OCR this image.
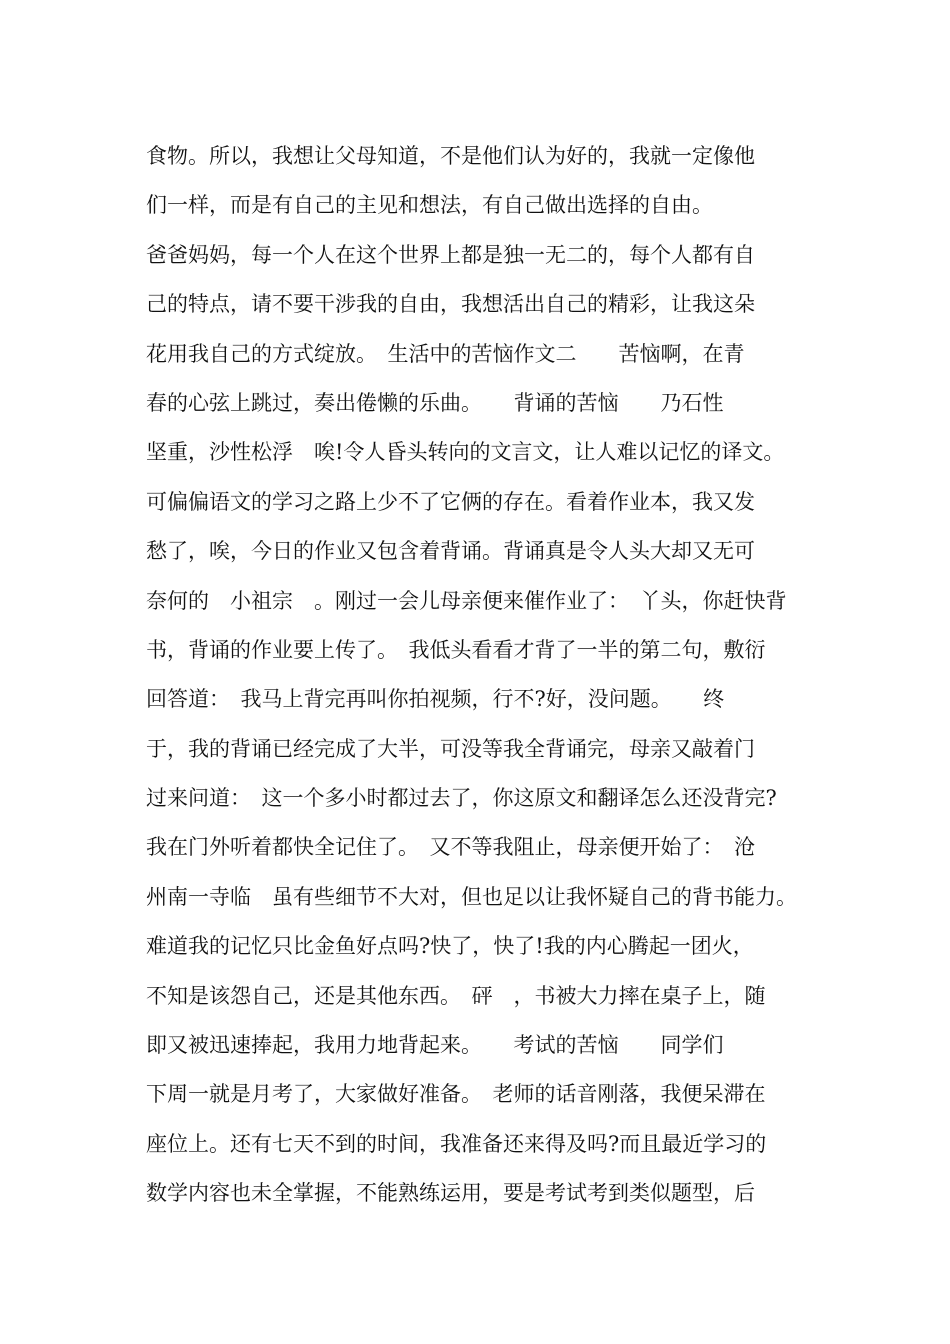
食物。所以，我想让父母知道，不是他们认为好的，我就一定像他
们一样，而是有自己的主见和想法，有自己做出选择的自由。
爸爸妈妈，每一个人在这个世界上都是独一无二的，每个人都有自
己的特点，请不要干涉我的自由，我想活出自己的精彩，让我这朵
花用我自己的方式绽放。　生活中的苦恼作文二　　苦恼啊，在青
春的心弦上跳过，奏出倦懒的乐曲。　　背诵的苦恼　　乃石性
坚重，沙性松浮　唉!令人昏头转向的文言文，让人难以记忆的译文。
可偏偏语文的学习之路上少不了它俩的存在。看着作业本，我又发
愁了，唉，今日的作业又包含着背诵。背诵真是令人头大却又无可
奈何的　小祖宗　。刚过一会儿母亲便来催作业了：　丫头，你赶快背
书，背诵的作业要上传了。　我低头看看才背了一半的第二句，敷衍
回答道：　我马上背完再叫你拍视频，行不?好，没问题。　　终
于，我的背诵已经完成了大半，可没等我全背诵完，母亲又敲着门
过来问道：　这一个多小时都过去了，你这原文和翻译怎么还没背完?
我在门外听着都快全记住了。　又不等我阻止，母亲便开始了：　沧
州南一寺临　虽有些细节不大对，但也足以让我怀疑自己的背书能力。
难道我的记忆只比金鱼好点吗?快了，快了!我的内心腾起一团火，
不知是该怨自己，还是其他东西。　砰　，书被大力摔在桌子上，随
即又被迅速捧起，我用力地背起来。　　考试的苦恼　　同学们
下周一就是月考了，大家做好准备。　老师的话音刚落，我便呆滞在
座位上。还有七天不到的时间，我准备还来得及吗?而且最近学习的
数学内容也未全掌握，不能熟练运用，要是考试考到类似题型，后
